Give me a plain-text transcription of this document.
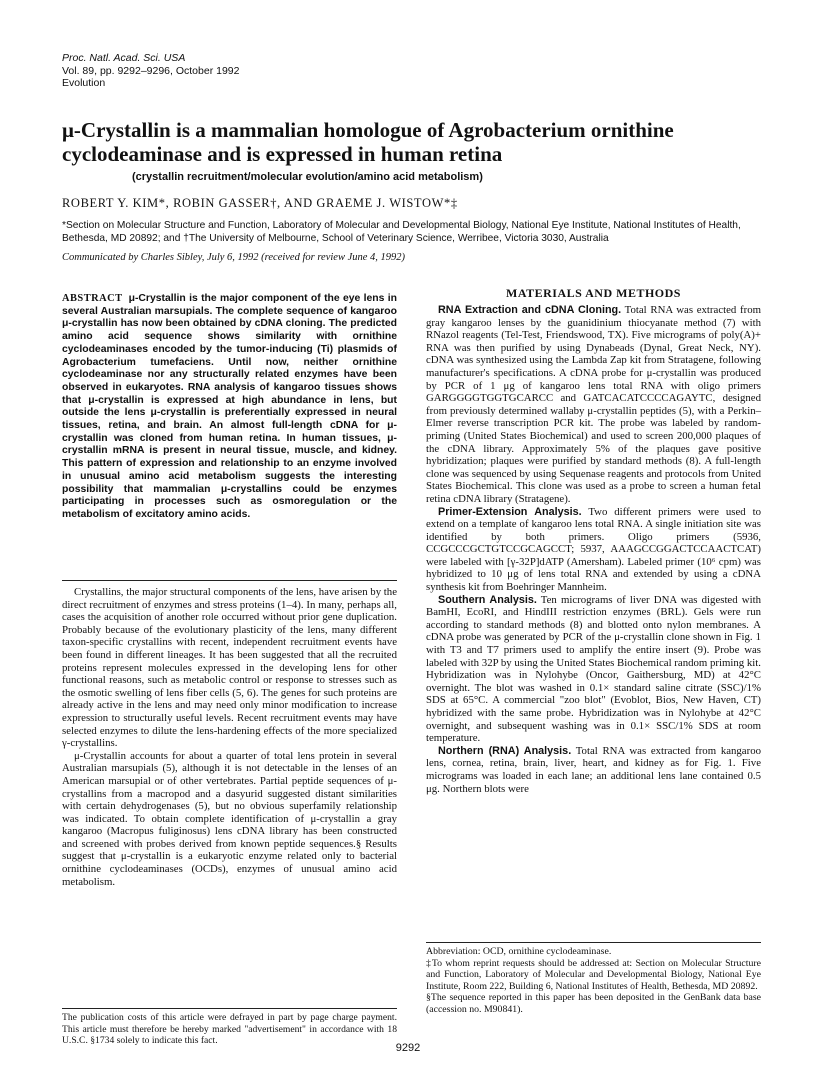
Proc. Natl. Acad. Sci. USA
Vol. 89, pp. 9292–9296, October 1992
Evolution
μ-Crystallin is a mammalian homologue of Agrobacterium ornithine cyclodeaminase and is expressed in human retina
(crystallin recruitment/molecular evolution/amino acid metabolism)
ROBERT Y. KIM*, ROBIN GASSER†, AND GRAEME J. WISTOW*‡
*Section on Molecular Structure and Function, Laboratory of Molecular and Developmental Biology, National Eye Institute, National Institutes of Health, Bethesda, MD 20892; and †The University of Melbourne, School of Veterinary Science, Werribee, Victoria 3030, Australia
Communicated by Charles Sibley, July 6, 1992 (received for review June 4, 1992)
ABSTRACT μ-Crystallin is the major component of the eye lens in several Australian marsupials. The complete sequence of kangaroo μ-crystallin has now been obtained by cDNA cloning. The predicted amino acid sequence shows similarity with ornithine cyclodeaminases encoded by the tumor-inducing (Ti) plasmids of Agrobacterium tumefaciens. Until now, neither ornithine cyclodeaminase nor any structurally related enzymes have been observed in eukaryotes. RNA analysis of kangaroo tissues shows that μ-crystallin is expressed at high abundance in lens, but outside the lens μ-crystallin is preferentially expressed in neural tissues, retina, and brain. An almost full-length cDNA for μ-crystallin was cloned from human retina. In human tissues, μ-crystallin mRNA is present in neural tissue, muscle, and kidney. This pattern of expression and relationship to an enzyme involved in unusual amino acid metabolism suggests the interesting possibility that mammalian μ-crystallins could be enzymes participating in processes such as osmoregulation or the metabolism of excitatory amino acids.

Crystallins, the major structural components of the lens, have arisen by the direct recruitment of enzymes and stress proteins (1–4). In many, perhaps all, cases the acquisition of another role occurred without prior gene duplication. Probably because of the evolutionary plasticity of the lens, many different taxon-specific crystallins with recent, independent recruitment events have been found in different lineages. It has been suggested that all the recruited proteins represent molecules expressed in the developing lens for other functional reasons, such as metabolic control or response to stresses such as the osmotic swelling of lens fiber cells (5, 6). The genes for such proteins are already active in the lens and may need only minor modification to increase expression to structurally useful levels. Recent recruitment events may have selected enzymes to dilute the lens-hardening effects of the more specialized γ-crystallins.

μ-Crystallin accounts for about a quarter of total lens protein in several Australian marsupials (5), although it is not detectable in the lenses of an American marsupial or of other vertebrates. Partial peptide sequences of μ-crystallins from a macropod and a dasyurid suggested distant similarities with certain dehydrogenases (5), but no obvious superfamily relationship was indicated. To obtain complete identification of μ-crystallin a gray kangaroo (Macropus fuliginosus) lens cDNA library has been constructed and screened with probes derived from known peptide sequences.§ Results suggest that μ-crystallin is a eukaryotic enzyme related only to bacterial ornithine cyclodeaminases (OCDs), enzymes of unusual amino acid metabolism.

The publication costs of this article were defrayed in part by page charge payment. This article must therefore be hereby marked "advertisement" in accordance with 18 U.S.C. §1734 solely to indicate this fact.
MATERIALS AND METHODS

RNA Extraction and cDNA Cloning. Total RNA was extracted from gray kangaroo lenses by the guanidinium thiocyanate method (7) with RNazol reagents (Tel-Test, Friendswood, TX). Five micrograms of poly(A)+ RNA was then purified by using Dynabeads (Dynal, Great Neck, NY). cDNA was synthesized using the Lambda Zap kit from Stratagene, following manufacturer's specifications. A cDNA probe for μ-crystallin was produced by PCR of 1 μg of kangaroo lens total RNA with oligo primers GARGGGGTGGTGCARCC and GATCACATCCCCAGAYTC, designed from previously determined wallaby μ-crystallin peptides (5), with a Perkin–Elmer reverse transcription PCR kit. The probe was labeled by random-priming (United States Biochemical) and used to screen 200,000 plaques of the cDNA library. Approximately 5% of the plaques gave positive hybridization; plaques were purified by standard methods (8). A full-length clone was sequenced by using Sequenase reagents and protocols from United States Biochemical. This clone was used as a probe to screen a human fetal retina cDNA library (Stratagene).

Primer-Extension Analysis. Two different primers were used to extend on a template of kangaroo lens total RNA. A single initiation site was identified by both primers. Oligo primers (5936, CCGCCCGCTGTCCGCAGCCT; 5937, AAAGCCGGACTCCAACTCAT) were labeled with [γ-32P]dATP (Amersham). Labeled primer (10⁶ cpm) was hybridized to 10 μg of lens total RNA and extended by using a cDNA synthesis kit from Boehringer Mannheim.

Southern Analysis. Ten micrograms of liver DNA was digested with BamHI, EcoRI, and HindIII restriction enzymes (BRL). Gels were run according to standard methods (8) and blotted onto nylon membranes. A cDNA probe was generated by PCR of the μ-crystallin clone shown in Fig. 1 with T3 and T7 primers used to amplify the entire insert (9). Probe was labeled with 32P by using the United States Biochemical random priming kit. Hybridization was in Nylohybe (Oncor, Gaithersburg, MD) at 42°C overnight. The blot was washed in 0.1× standard saline citrate (SSC)/1% SDS at 65°C. A commercial "zoo blot" (Evoblot, Bios, New Haven, CT) hybridized with the same probe. Hybridization was in Nylohybe at 42°C overnight, and subsequent washing was in 0.1× SSC/1% SDS at room temperature.

Northern (RNA) Analysis. Total RNA was extracted from kangaroo lens, cornea, retina, brain, liver, heart, and kidney as for Fig. 1. Five micrograms was loaded in each lane; an additional lens lane contained 0.5 μg. Northern blots were

Abbreviation: OCD, ornithine cyclodeaminase.
‡To whom reprint requests should be addressed at: Section on Molecular Structure and Function, Laboratory of Molecular and Developmental Biology, National Eye Institute, Room 222, Building 6, National Institutes of Health, Bethesda, MD 20892.
§The sequence reported in this paper has been deposited in the GenBank data base (accession no. M90841).
9292
